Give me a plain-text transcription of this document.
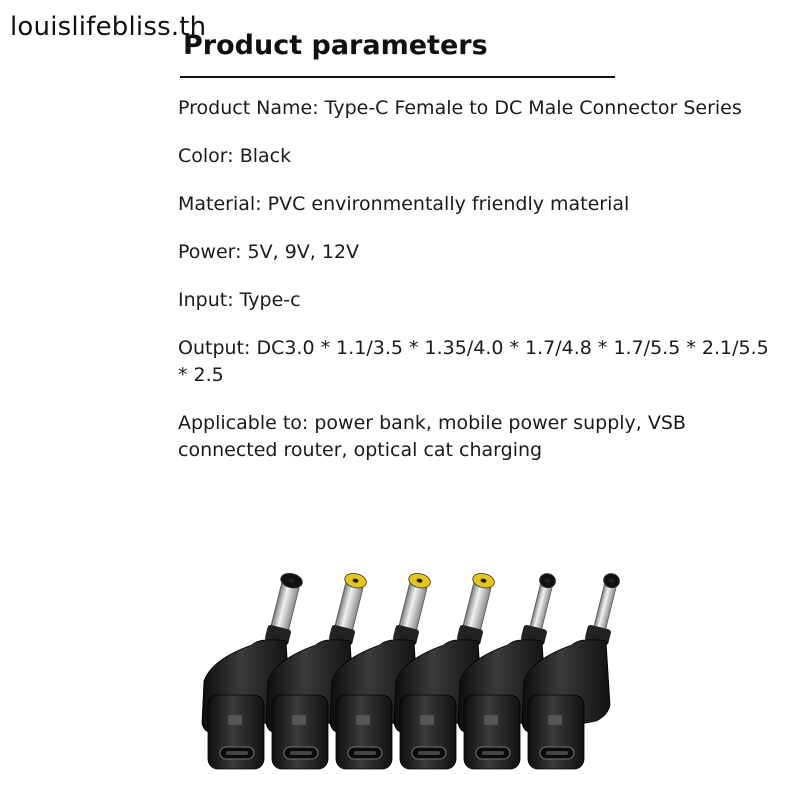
louislifebliss.th
Product parameters
Product Name: Type-C Female to DC Male Connector Series
Color: Black
Material: PVC environmentally friendly material
Power: 5V, 9V, 12V
Input: Type-c
Output: DC3.0 * 1.1/3.5 * 1.35/4.0 * 1.7/4.8 * 1.7/5.5 * 2.1/5.5 * 2.5
Applicable to: power bank, mobile power supply, VSB connected router, optical cat charging
